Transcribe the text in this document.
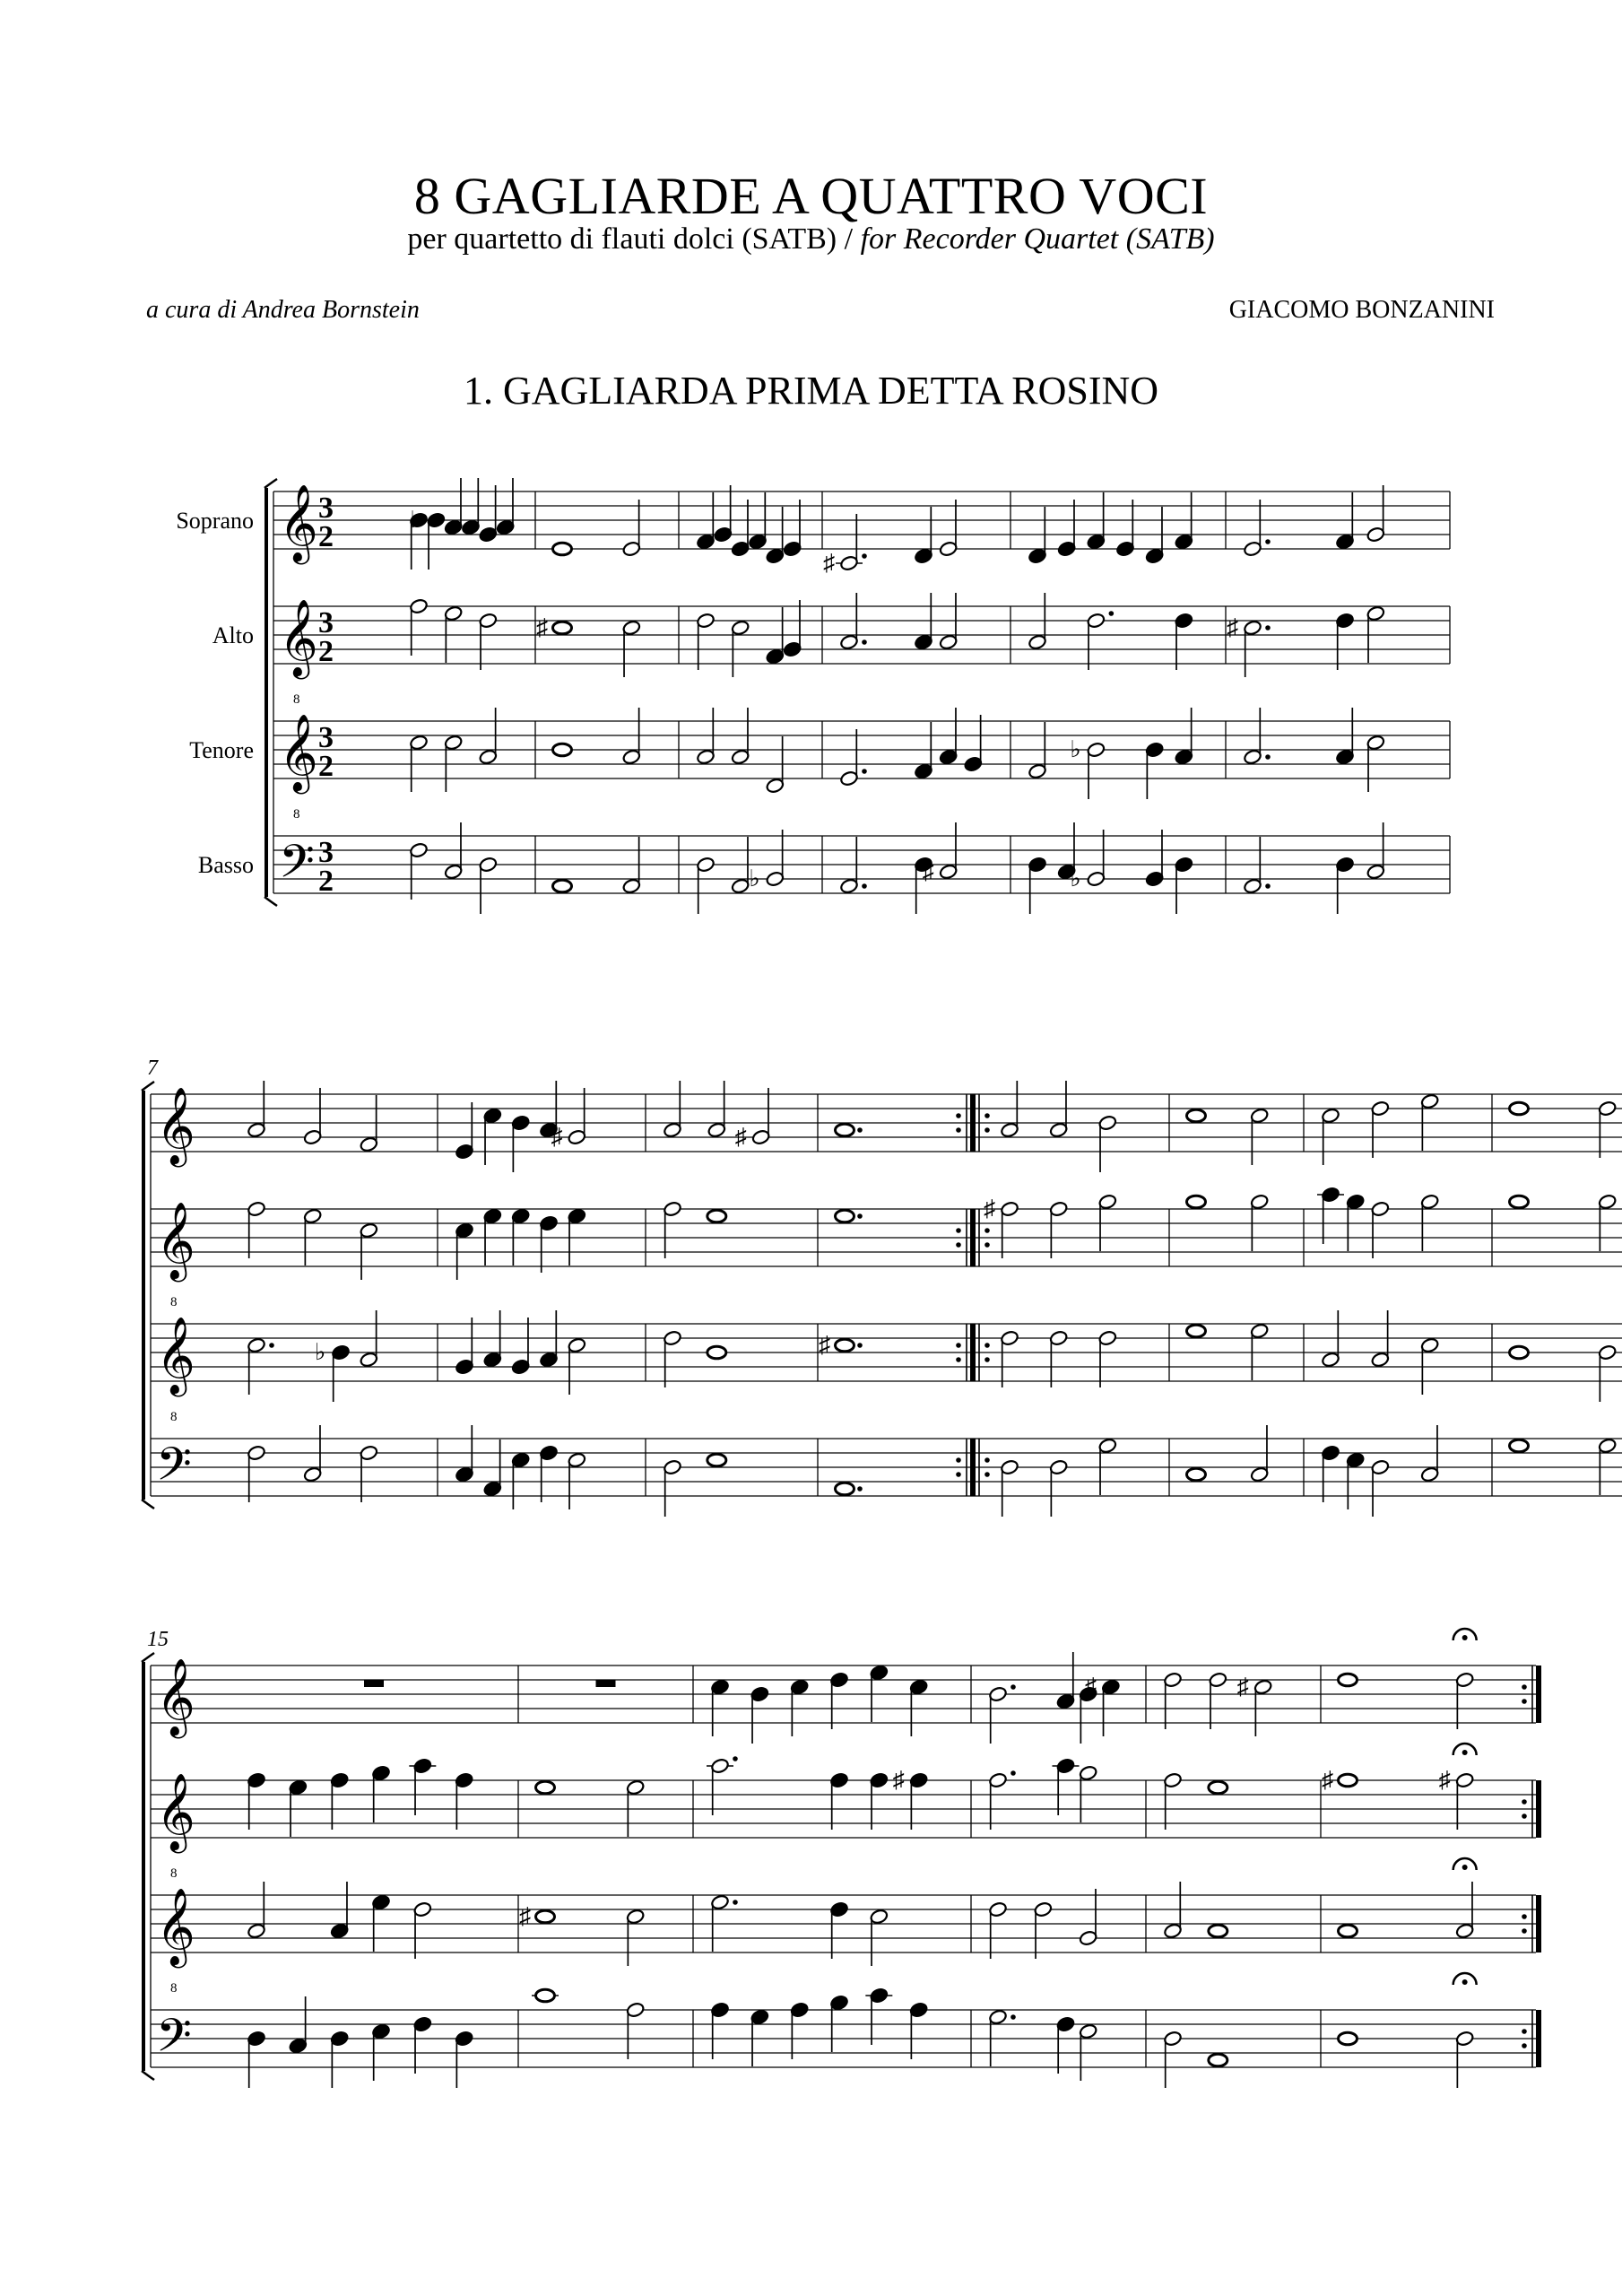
8 GAGLIARDE A QUATTRO VOCI
per quartetto di flauti dolci (SATB) / for Recorder Quartet (SATB)
a cura di Andrea Bornstein	GIACOMO BONZANINI
1. GAGLIARDA PRIMA DETTA ROSINO
𝄞 3
2
Soprano
𝄞
8
3
2
Alto
𝄞
8
3
2
Tenore
𝄢 3
2
Basso
♭
♯
♭
♯
♯
♭
♭
♯
7
𝄞
𝄞
8
𝄞
8
𝄢
♭
♯	♯
♯
♯
15
𝄞
𝄞
8
𝄞
8
𝄢
♯
♯
♯	♯
♯	♯
